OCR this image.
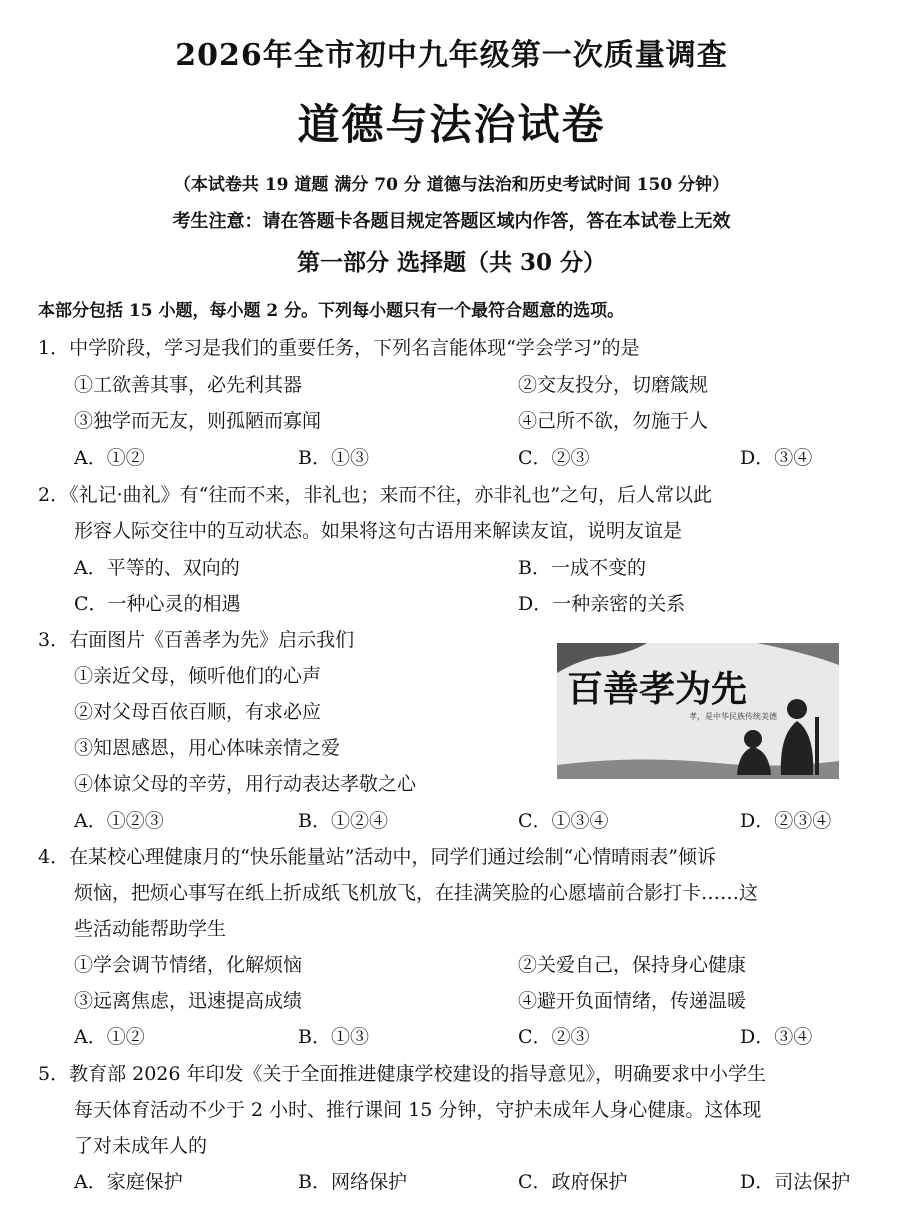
2026年全市初中九年级第一次质量调查
道德与法治试卷
（本试卷共 19 道题 满分 70 分 道德与法治和历史考试时间 150 分钟）
考生注意：请在答题卡各题目规定答题区域内作答，答在本试卷上无效
第一部分 选择题（共 30 分）
本部分包括 15 小题，每小题 2 分。下列每小题只有一个最符合题意的选项。
1．中学阶段，学习是我们的重要任务，下列名言能体现“学会学习”的是
①工欲善其事，必先利其器	②交友投分，切磨箴规
③独学而无友，则孤陋而寡闻	④己所不欲，勿施于人
A．①②	B．①③	C．②③	D．③④
2．《礼记·曲礼》有“往而不来，非礼也；来而不往，亦非礼也”之句，后人常以此
形容人际交往中的互动状态。如果将这句古语用来解读友谊，说明友谊是
A．平等的、双向的	B．一成不变的
C．一种心灵的相遇	D．一种亲密的关系
3．右面图片《百善孝为先》启示我们
①亲近父母，倾听他们的心声
②对父母百依百顺，有求必应
③知恩感恩，用心体味亲情之爱
④体谅父母的辛劳，用行动表达孝敬之心
A．①②③	B．①②④	C．①③④	D．②③④
百善孝为先
孝，是中华民族传统美德
4．在某校心理健康月的“快乐能量站”活动中，同学们通过绘制“心情晴雨表”倾诉
烦恼，把烦心事写在纸上折成纸飞机放飞，在挂满笑脸的心愿墙前合影打卡……这
些活动能帮助学生
①学会调节情绪，化解烦恼	②关爱自己，保持身心健康
③远离焦虑，迅速提高成绩	④避开负面情绪，传递温暖
A．①②	B．①③	C．②③	D．③④
5．教育部 2026 年印发《关于全面推进健康学校建设的指导意见》，明确要求中小学生
每天体育活动不少于 2 小时、推行课间 15 分钟，守护未成年人身心健康。这体现
了对未成年人的
A．家庭保护	B．网络保护	C．政府保护	D．司法保护
